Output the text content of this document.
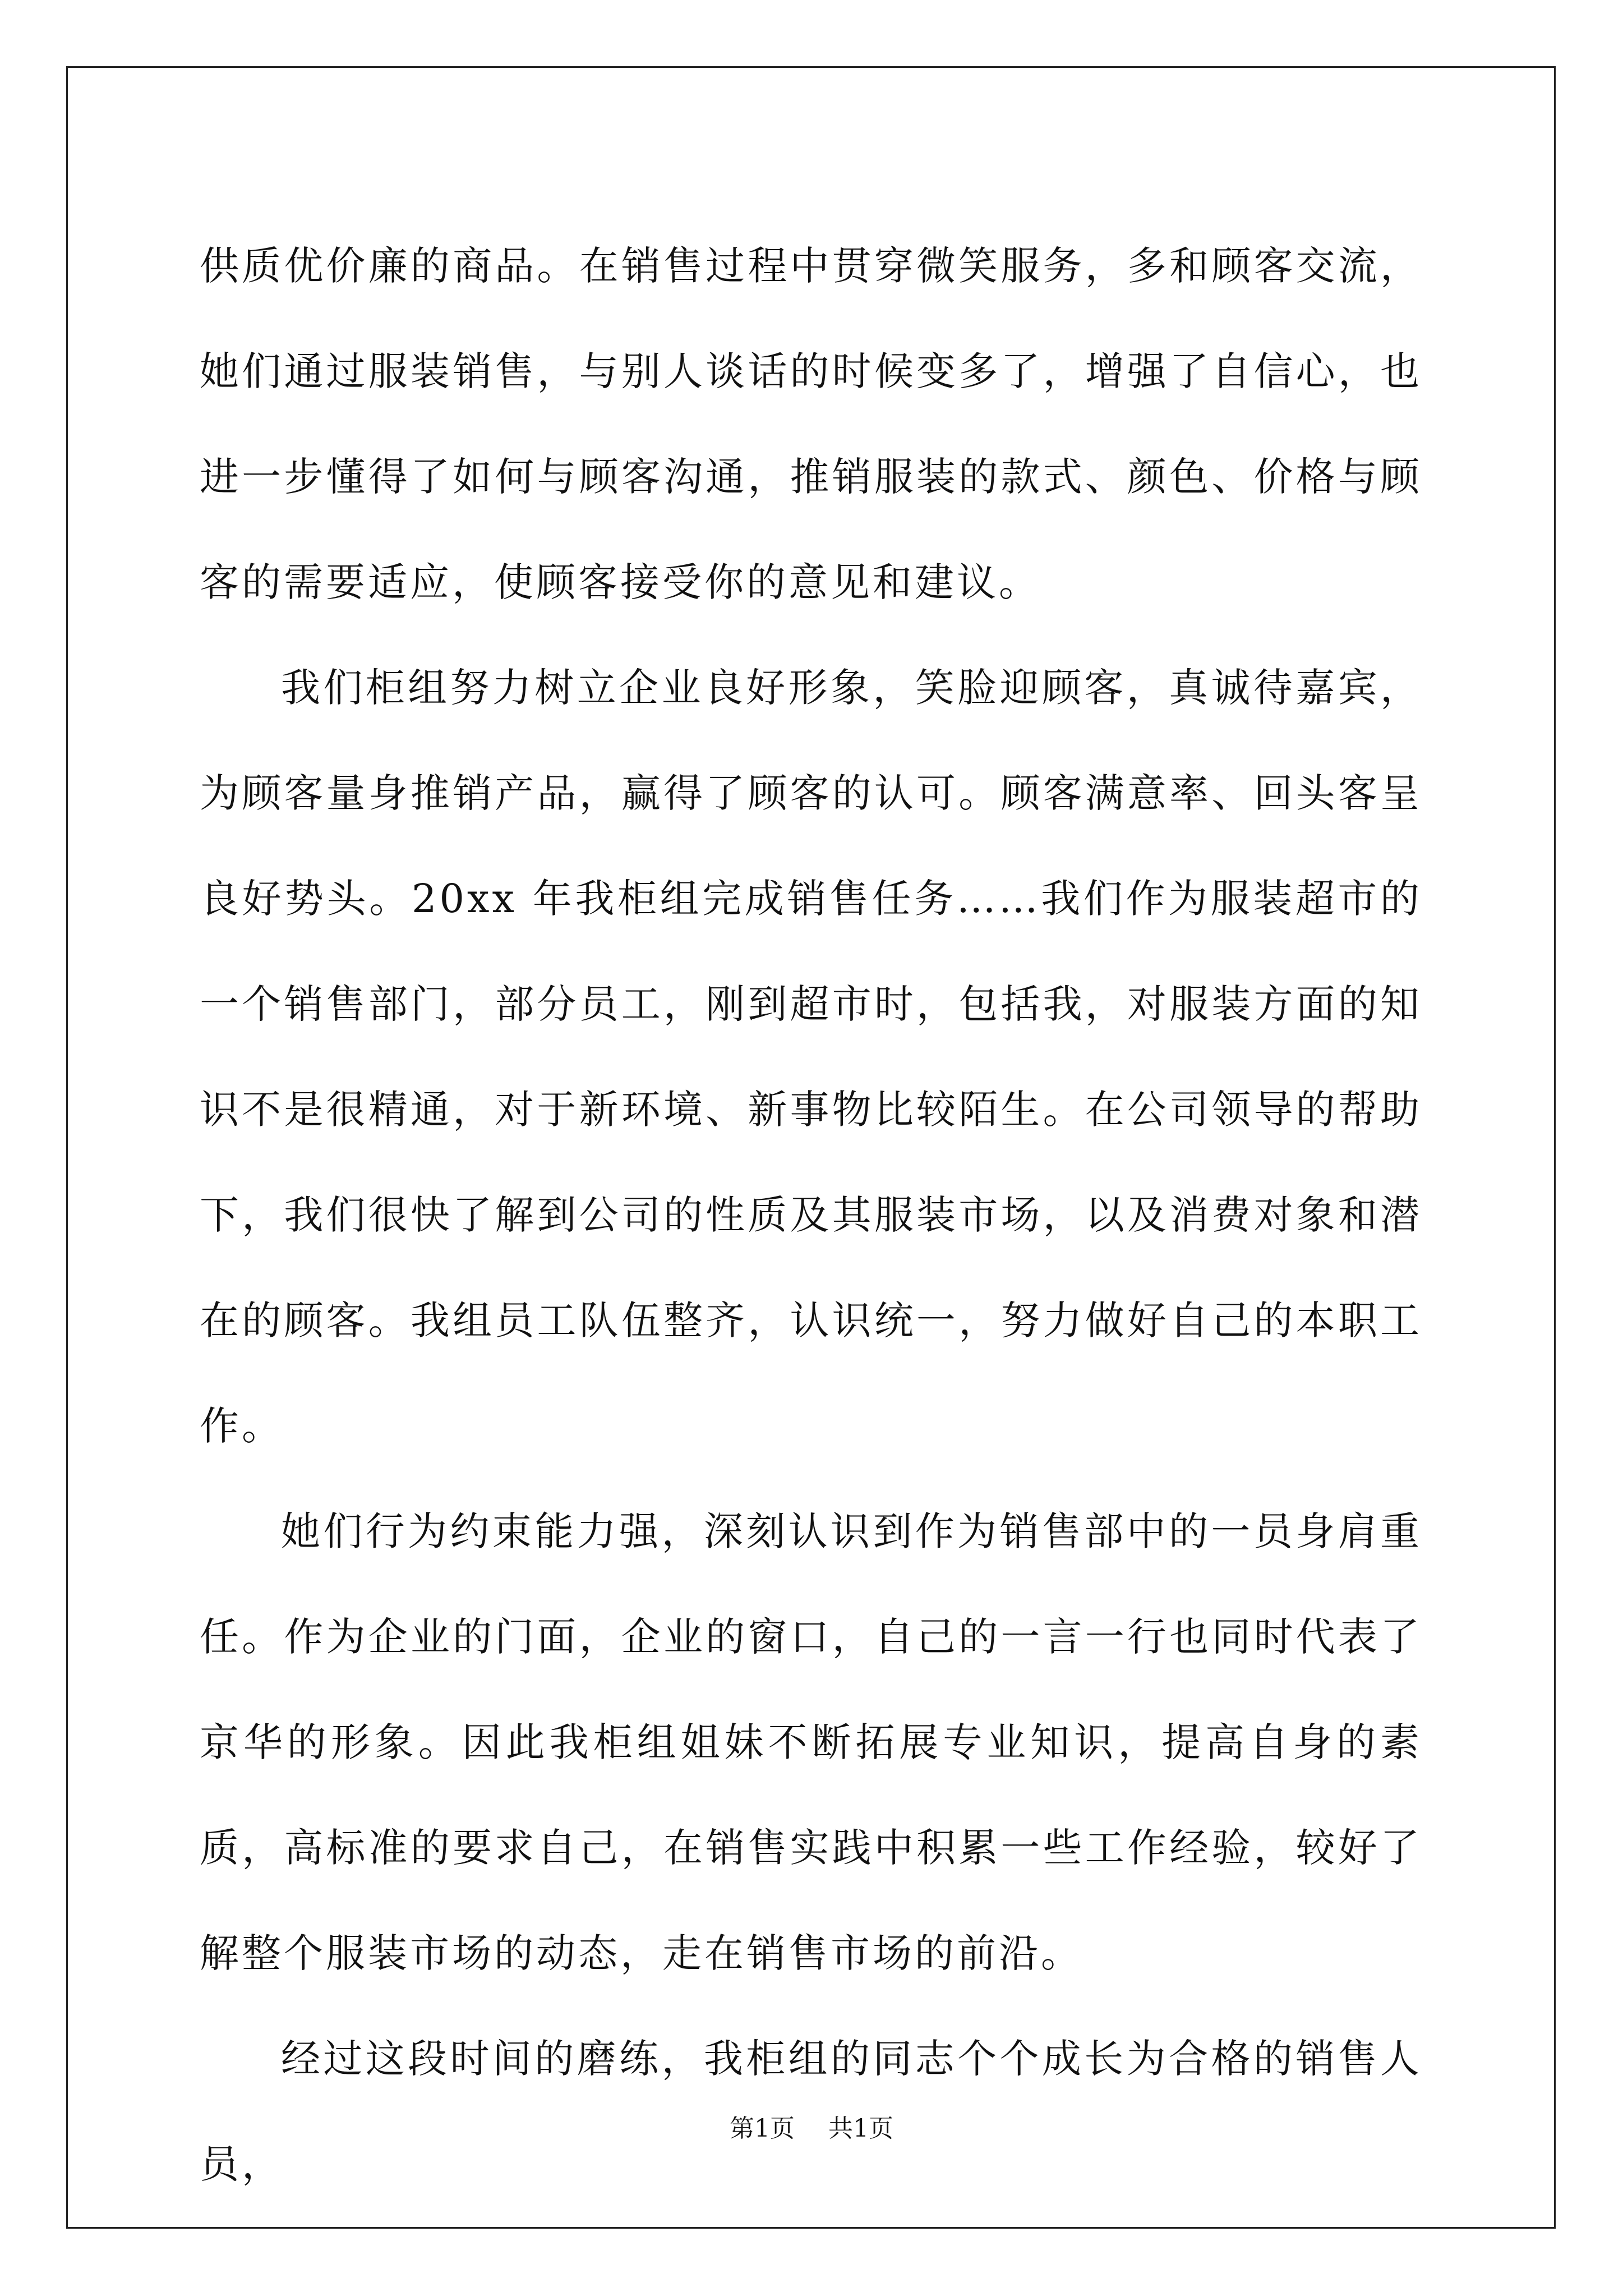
供质优价廉的商品。在销售过程中贯穿微笑服务，多和顾客交流，她们通过服装销售，与别人谈话的时候变多了，增强了自信心，也进一步懂得了如何与顾客沟通，推销服装的款式、颜色、价格与顾客的需要适应，使顾客接受你的意见和建议。

我们柜组努力树立企业良好形象，笑脸迎顾客，真诚待嘉宾，为顾客量身推销产品，赢得了顾客的认可。顾客满意率、回头客呈良好势头。20xx 年我柜组完成销售任务……我们作为服装超市的一个销售部门，部分员工，刚到超市时，包括我，对服装方面的知识不是很精通，对于新环境、新事物比较陌生。在公司领导的帮助下，我们很快了解到公司的性质及其服装市场，以及消费对象和潜在的顾客。我组员工队伍整齐，认识统一，努力做好自己的本职工作。

她们行为约束能力强，深刻认识到作为销售部中的一员身肩重任。作为企业的门面，企业的窗口，自己的一言一行也同时代表了京华的形象。因此我柜组姐妹不断拓展专业知识，提高自身的素质，高标准的要求自己，在销售实践中积累一些工作经验，较好了解整个服装市场的动态，走在销售市场的前沿。

经过这段时间的磨练，我柜组的同志个个成长为合格的销售人员，

第1页 共1页
